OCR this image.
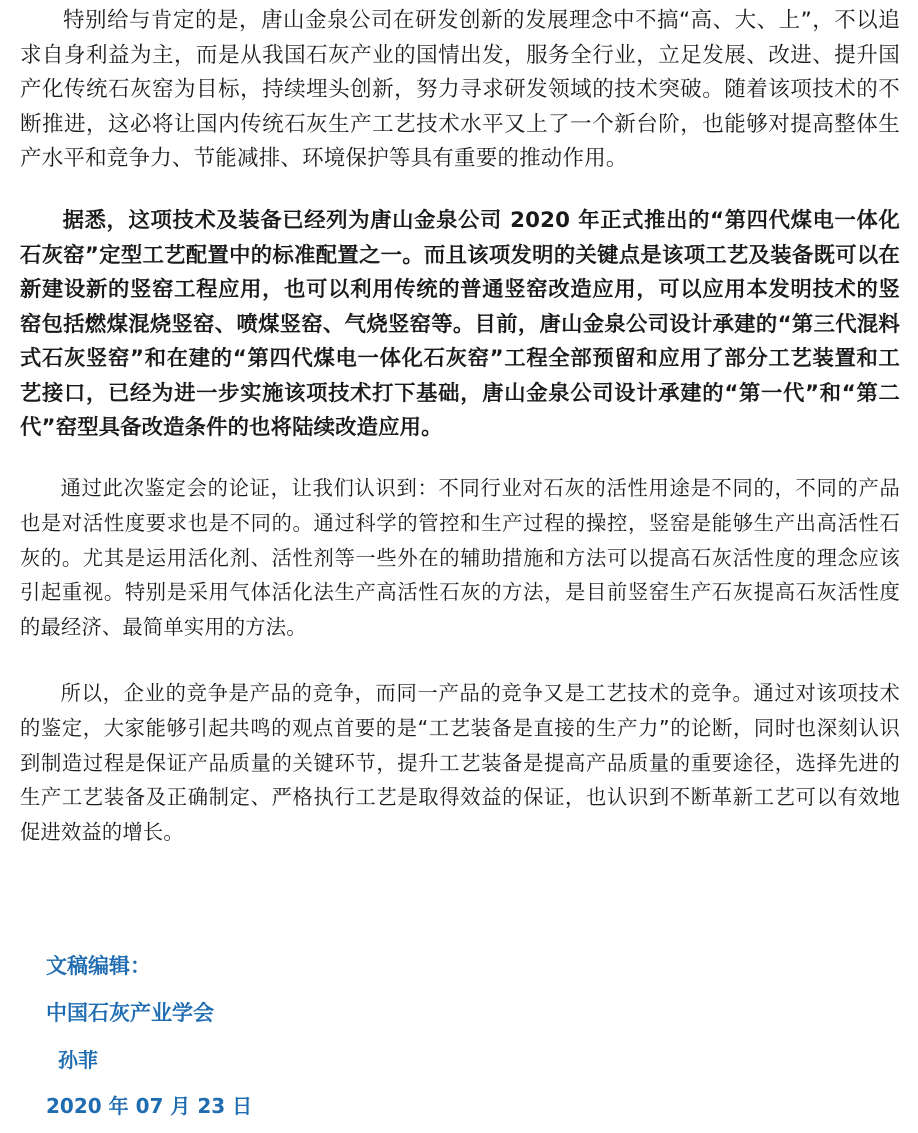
特别给与肯定的是，唐山金泉公司在研发创新的发展理念中不搞“高、大、上”，不以追求自身利益为主，而是从我国石灰产业的国情出发，服务全行业，立足发展、改进、提升国产化传统石灰窑为目标，持续埋头创新，努力寻求研发领域的技术突破。随着该项技术的不断推进，这必将让国内传统石灰生产工艺技术水平又上了一个新台阶，也能够对提高整体生产水平和竞争力、节能减排、环境保护等具有重要的推动作用。

据悉，这项技术及装备已经列为唐山金泉公司 2020 年正式推出的“第四代煤电一体化石灰窑”定型工艺配置中的标准配置之一。而且该项发明的关键点是该项工艺及装备既可以在新建设新的竖窑工程应用，也可以利用传统的普通竖窑改造应用，可以应用本发明技术的竖窑包括燃煤混烧竖窑、喷煤竖窑、气烧竖窑等。目前，唐山金泉公司设计承建的“第三代混料式石灰竖窑”和在建的“第四代煤电一体化石灰窑”工程全部预留和应用了部分工艺装置和工艺接口，已经为进一步实施该项技术打下基础，唐山金泉公司设计承建的“第一代”和“第二代”窑型具备改造条件的也将陆续改造应用。

通过此次鉴定会的论证，让我们认识到：不同行业对石灰的活性用途是不同的，不同的产品也是对活性度要求也是不同的。通过科学的管控和生产过程的操控，竖窑是能够生产出高活性石灰的。尤其是运用活化剂、活性剂等一些外在的辅助措施和方法可以提高石灰活性度的理念应该引起重视。特别是采用气体活化法生产高活性石灰的方法，是目前竖窑生产石灰提高石灰活性度的最经济、最简单实用的方法。

所以，企业的竞争是产品的竞争，而同一产品的竞争又是工艺技术的竞争。通过对该项技术的鉴定，大家能够引起共鸣的观点首要的是“工艺装备是直接的生产力”的论断，同时也深刻认识到制造过程是保证产品质量的关键环节，提升工艺装备是提高产品质量的重要途径，选择先进的生产工艺装备及正确制定、严格执行工艺是取得效益的保证，也认识到不断革新工艺可以有效地促进效益的增长。

文稿编辑：
中国石灰产业学会
孙菲
2020 年 07 月 23 日
